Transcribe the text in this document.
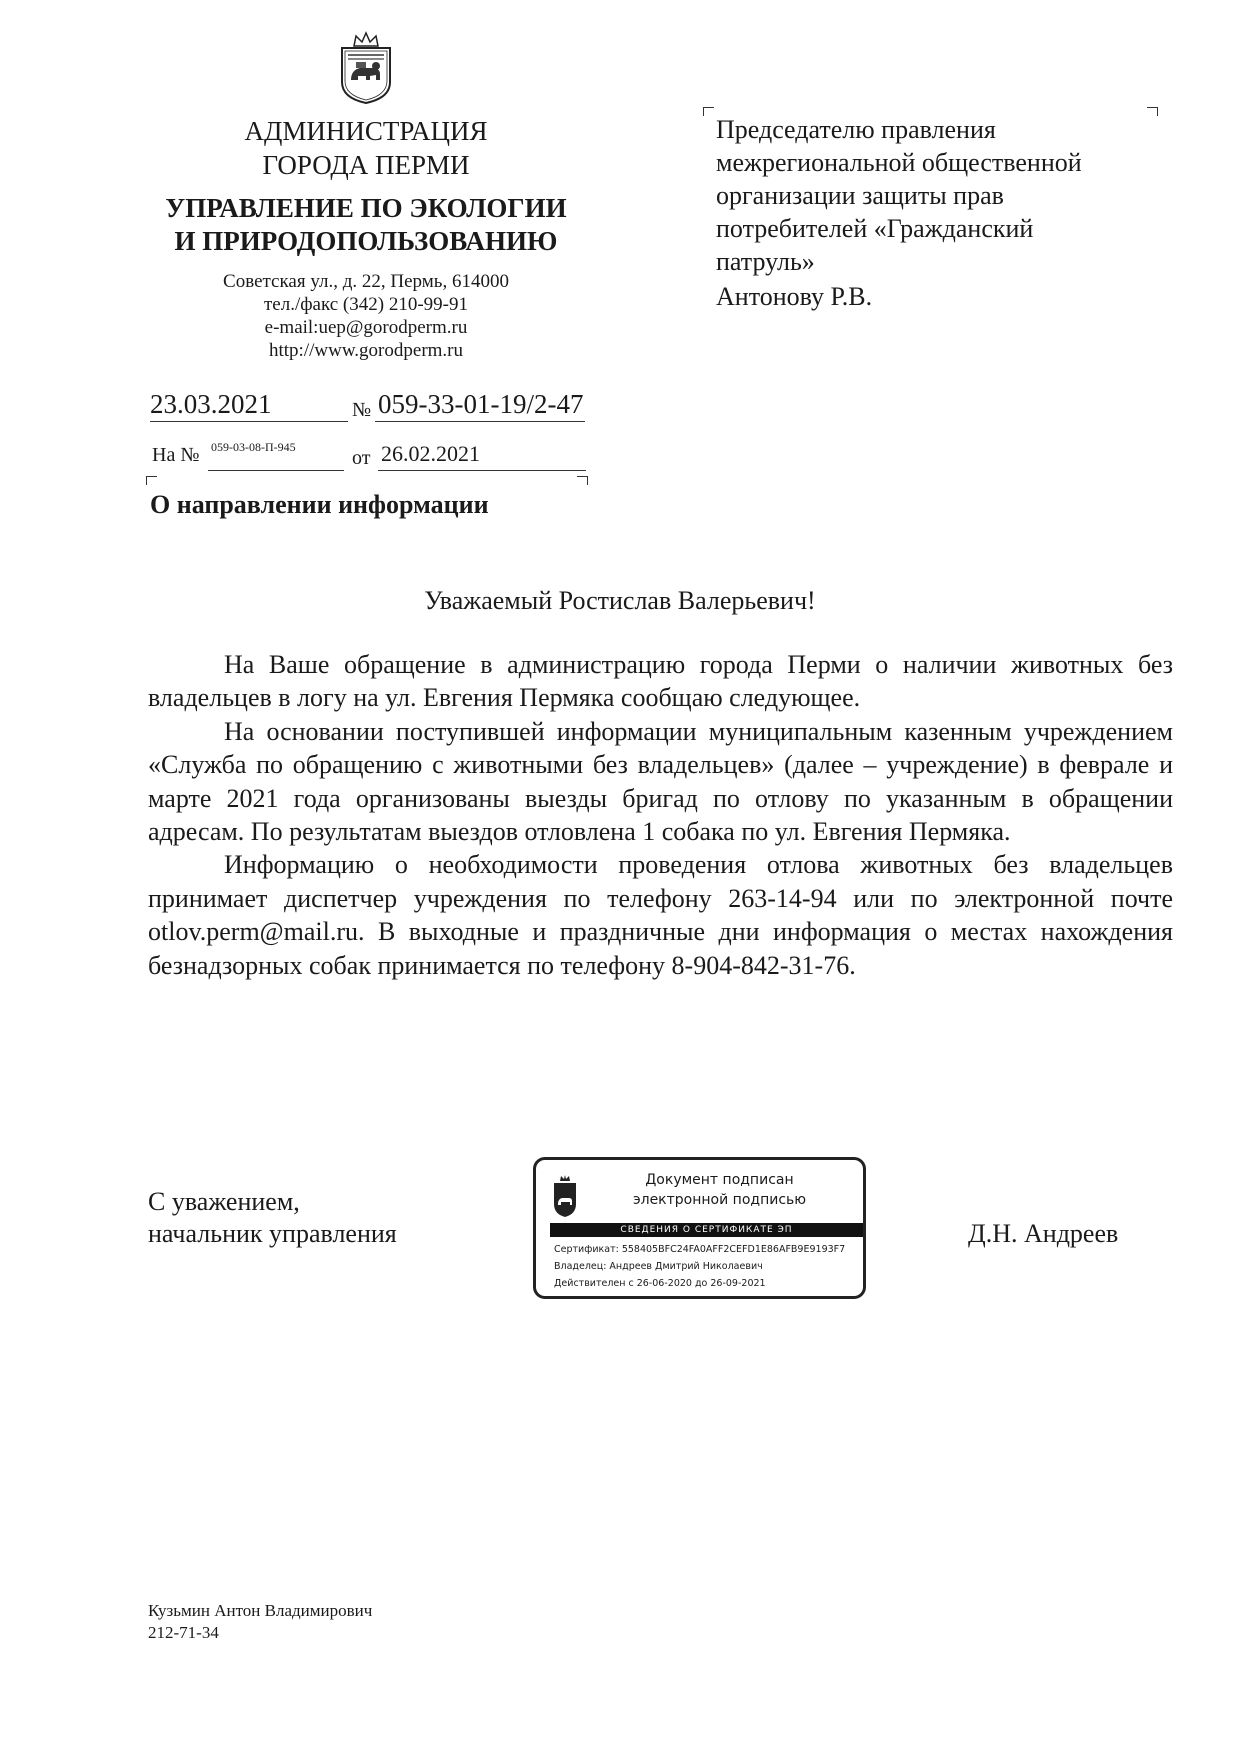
АДМИНИСТРАЦИЯ
ГОРОДА ПЕРМИ
УПРАВЛЕНИЕ ПО ЭКОЛОГИИ
И ПРИРОДОПОЛЬЗОВАНИЮ
Советская ул., д. 22, Пермь, 614000
тел./факс (342) 210-99-91
e-mail:uep@gorodperm.ru
http://www.gorodperm.ru
23.03.2021	№ 059-33-01-19/2-47
На № 059-03-08-П-945	от 26.02.2021
О направлении информации
Председателю правления
межрегиональной общественной
организации защиты прав
потребителей «Гражданский
патруль»
Антонову Р.В.
Уважаемый Ростислав Валерьевич!

На Ваше обращение в администрацию города Перми о наличии животных без владельцев в логу на ул. Евгения Пермяка сообщаю следующее.

На основании поступившей информации муниципальным казенным учреждением «Служба по обращению с животными без владельцев» (далее – учреждение) в феврале и марте 2021 года организованы выезды бригад по отлову по указанным в обращении адресам. По результатам выездов отловлена 1 собака по ул. Евгения Пермяка.

Информацию о необходимости проведения отлова животных без владельцев принимает диспетчер учреждения по телефону 263-14-94 или по электронной почте otlov.perm@mail.ru. В выходные и праздничные дни информация о местах нахождения безнадзорных собак принимается по телефону 8-904-842-31-76.

С уважением,
начальник управления	Д.Н. Андреев
Документ подписан
электронной подписью
СВЕДЕНИЯ О СЕРТИФИКАТЕ ЭП
Сертификат: 558405BFC24FA0AFF2CEFD1E86AFB9E9193F7
Владелец: Андреев Дмитрий Николаевич
Действителен с 26-06-2020 до 26-09-2021
Кузьмин Антон Владимирович
212-71-34
